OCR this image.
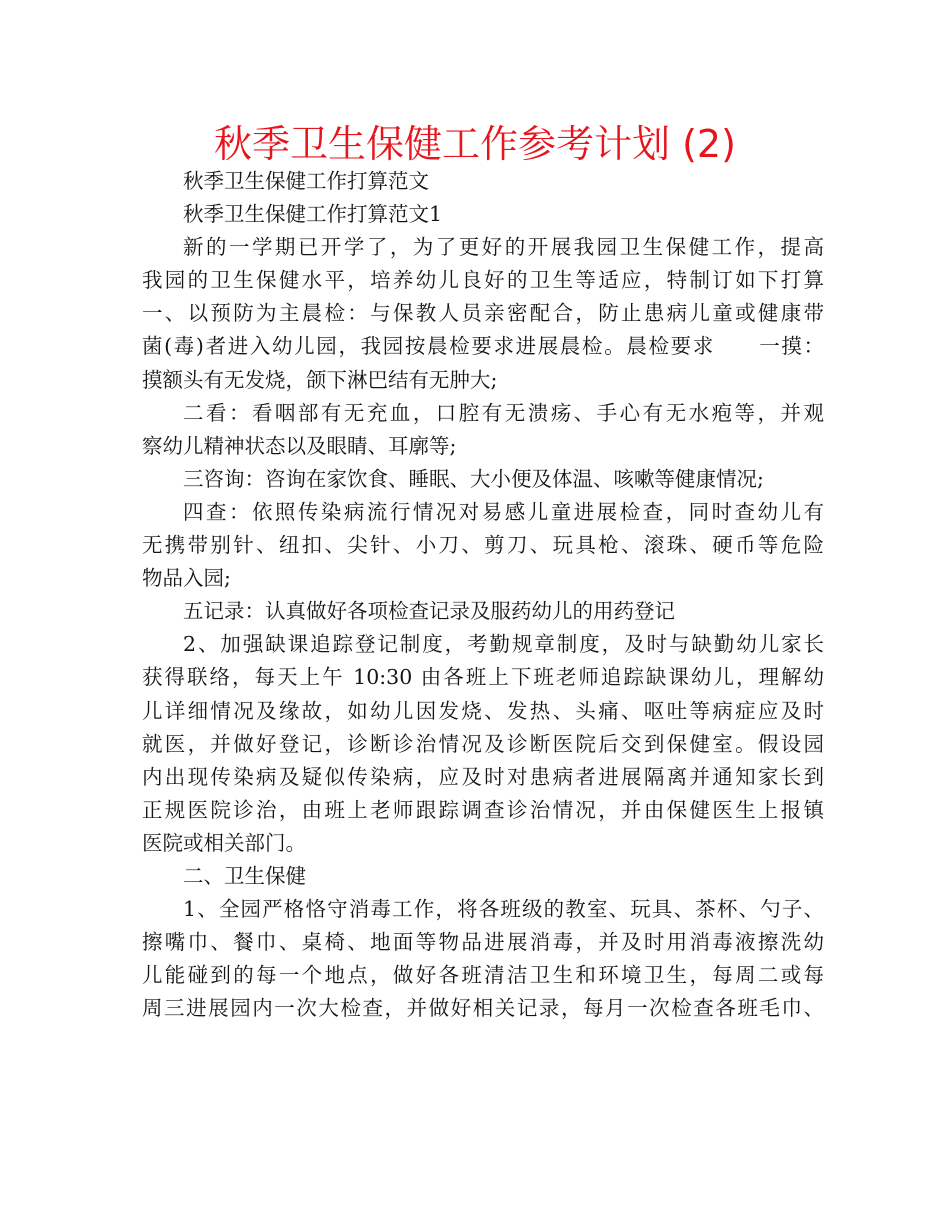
秋季卫生保健工作参考计划 (2)
秋季卫生保健工作打算范文
秋季卫生保健工作打算范文1
新的一学期已开学了，为了更好的开展我园卫生保健工作，提高
我园的卫生保健水平，培养幼儿良好的卫生等适应，特制订如下打算
一、以预防为主晨检：与保教人员亲密配合，防止患病儿童或健康带
菌(毒)者进入幼儿园，我园按晨检要求进展晨检。晨检要求　　一摸：
摸额头有无发烧，颌下淋巴结有无肿大;
二看：看咽部有无充血，口腔有无溃疡、手心有无水疱等，并观
察幼儿精神状态以及眼睛、耳廓等;
三咨询：咨询在家饮食、睡眠、大小便及体温、咳嗽等健康情况;
四查：依照传染病流行情况对易感儿童进展检查，同时查幼儿有
无携带别针、纽扣、尖针、小刀、剪刀、玩具枪、滚珠、硬币等危险
物品入园;
五记录：认真做好各项检查记录及服药幼儿的用药登记
2、加强缺课追踪登记制度，考勤规章制度，及时与缺勤幼儿家长
获得联络，每天上午 10:30 由各班上下班老师追踪缺课幼儿，理解幼
儿详细情况及缘故，如幼儿因发烧、发热、头痛、呕吐等病症应及时
就医，并做好登记，诊断诊治情况及诊断医院后交到保健室。假设园
内出现传染病及疑似传染病，应及时对患病者进展隔离并通知家长到
正规医院诊治，由班上老师跟踪调查诊治情况，并由保健医生上报镇
医院或相关部门。
二、卫生保健
1、全园严格恪守消毒工作，将各班级的教室、玩具、茶杯、勺子、
擦嘴巾、餐巾、桌椅、地面等物品进展消毒，并及时用消毒液擦洗幼
儿能碰到的每一个地点，做好各班清洁卫生和环境卫生，每周二或每
周三进展园内一次大检查，并做好相关记录，每月一次检查各班毛巾、
